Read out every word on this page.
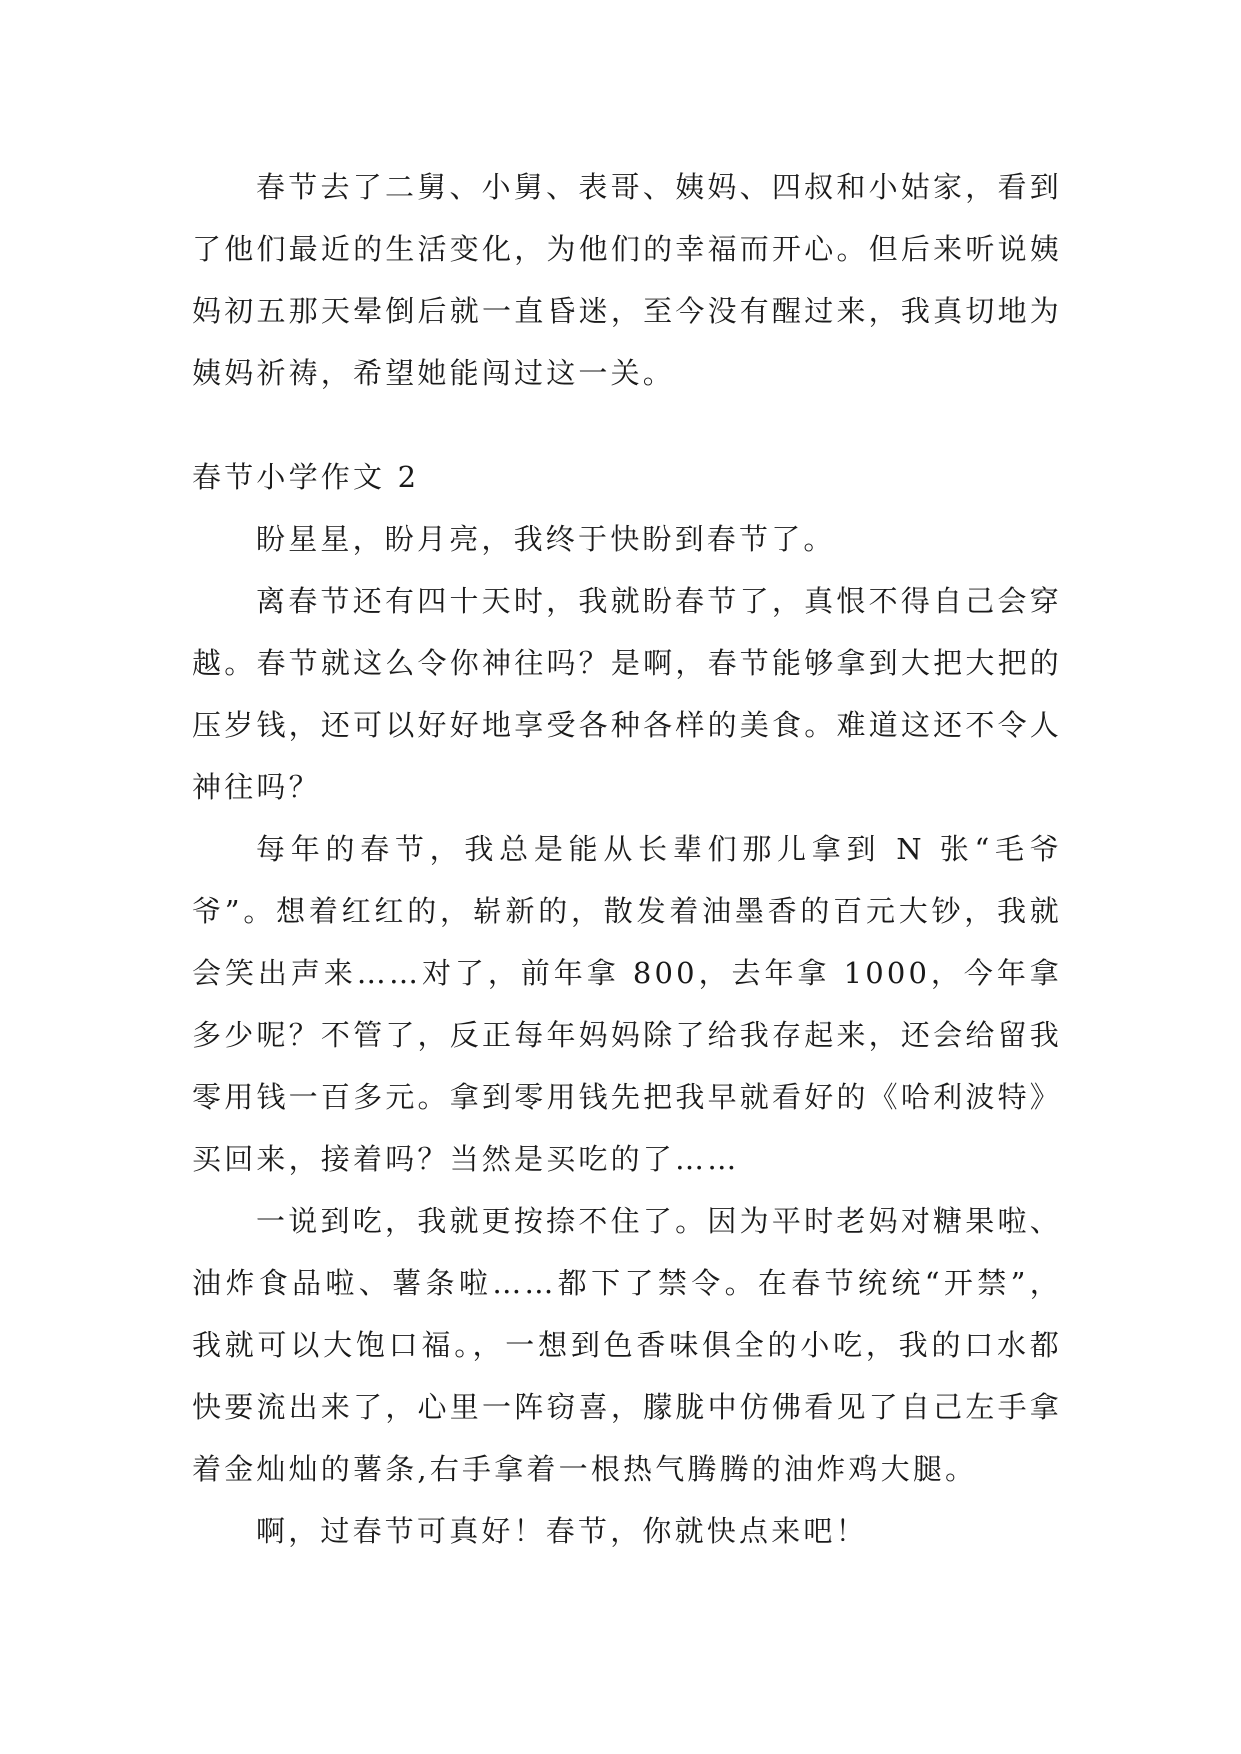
春节去了二舅、小舅、表哥、姨妈、四叔和小姑家，看到了他们最近的生活变化，为他们的幸福而开心。但后来听说姨妈初五那天晕倒后就一直昏迷，至今没有醒过来，我真切地为姨妈祈祷，希望她能闯过这一关。

春节小学作文 2

盼星星，盼月亮，我终于快盼到春节了。

离春节还有四十天时，我就盼春节了，真恨不得自己会穿越。春节就这么令你神往吗？是啊，春节能够拿到大把大把的压岁钱，还可以好好地享受各种各样的美食。难道这还不令人神往吗？

每年的春节，我总是能从长辈们那儿拿到 N 张“毛爷爷”。想着红红的，崭新的，散发着油墨香的百元大钞，我就会笑出声来……对了，前年拿 800，去年拿 1000，今年拿多少呢？不管了，反正每年妈妈除了给我存起来，还会给留我零用钱一百多元。拿到零用钱先把我早就看好的《哈利波特》买回来，接着吗？当然是买吃的了……

一说到吃，我就更按捺不住了。因为平时老妈对糖果啦、油炸食品啦、薯条啦……都下了禁令。在春节统统“开禁”，我就可以大饱口福。，一想到色香味俱全的小吃，我的口水都快要流出来了，心里一阵窃喜，朦胧中仿佛看见了自己左手拿着金灿灿的薯条,右手拿着一根热气腾腾的油炸鸡大腿。

啊，过春节可真好！春节，你就快点来吧！
